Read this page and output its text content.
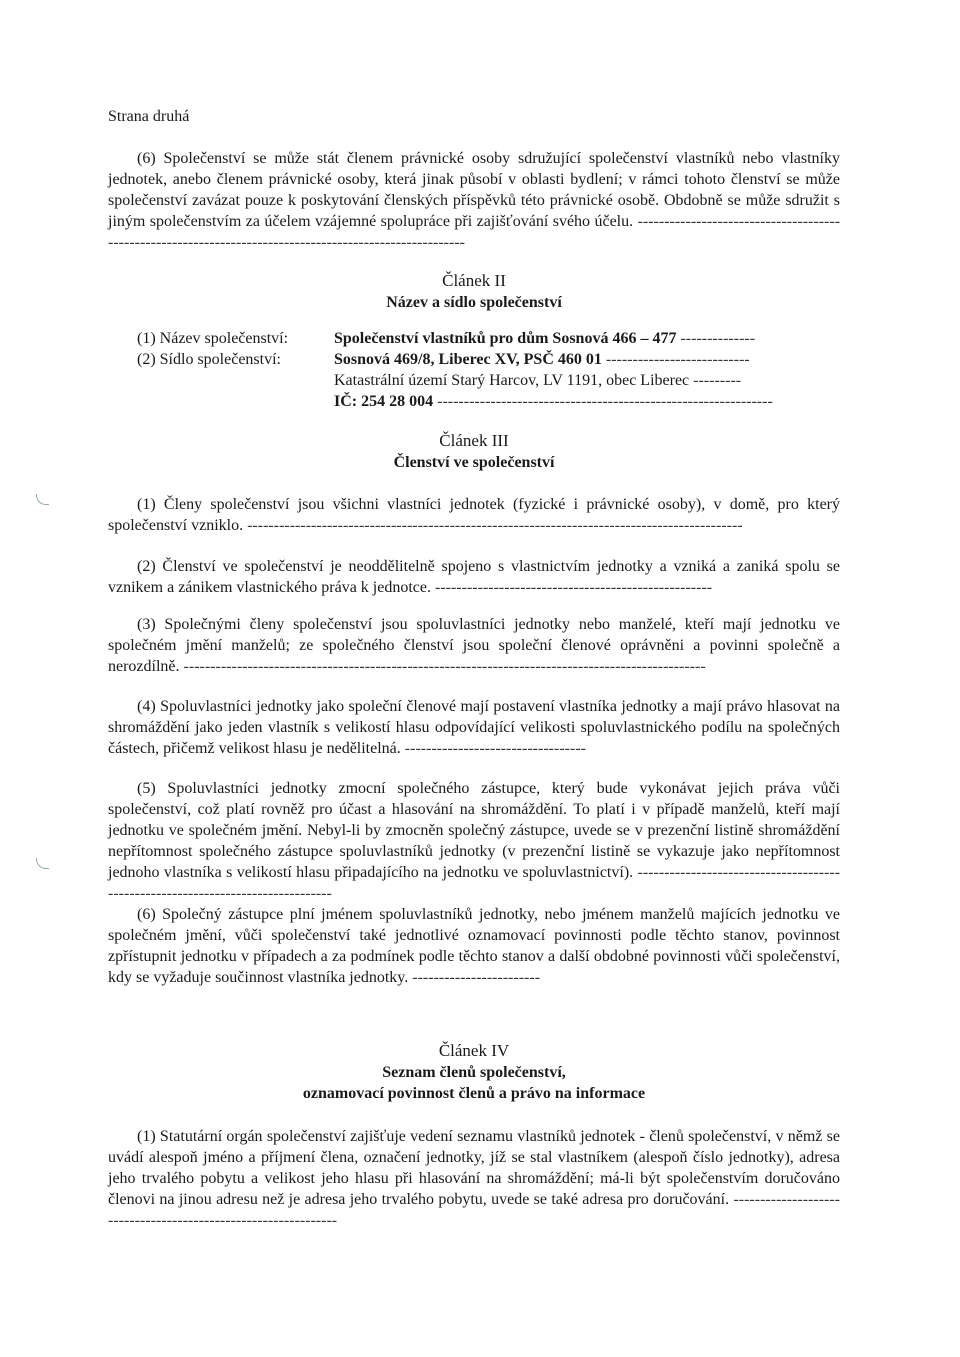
Strana druhá

(6) Společenství se může stát členem právnické osoby sdružující společenství vlastníků nebo vlastníky jednotek, anebo členem právnické osoby, která jinak působí v oblasti bydlení; v rámci tohoto členství se může společenství zavázat pouze k poskytování členských příspěvků této právnické osobě. Obdobně se může sdružit s jiným společenstvím za účelem vzájemné spolupráce při zajišťování svého účelu. ---------------------------------------------------------------------------------------------------------

Článek II
Název a sídlo společenství
(1) Název společenství:	Společenství vlastníků pro dům Sosnová 466 – 477 --------------
(2) Sídlo společenství:	Sosnová 469/8, Liberec XV, PSČ 460 01 ---------------------------
Katastrální území Starý Harcov, LV 1191, obec Liberec ---------
IČ: 254 28 004 ---------------------------------------------------------------
Článek III
Členství ve společenství

(1) Členy společenství jsou všichni vlastníci jednotek (fyzické i právnické osoby), v domě, pro který společenství vzniklo. ---------------------------------------------------------------------------------------------

(2) Členství ve společenství je neoddělitelně spojeno s vlastnictvím jednotky a vzniká a zaniká spolu se vznikem a zánikem vlastnického práva k jednotce. ----------------------------------------------------

(3) Společnými členy společenství jsou spoluvlastníci jednotky nebo manželé, kteří mají jednotku ve společném jmění manželů; ze společného členství jsou společní členové oprávněni a povinni společně a nerozdílně. --------------------------------------------------------------------------------------------------

(4) Spoluvlastníci jednotky jako společní členové mají postavení vlastníka jednotky a mají právo hlasovat na shromáždění jako jeden vlastník s velikostí hlasu odpovídající velikosti spoluvlastnického podílu na společných částech, přičemž velikost hlasu je nedělitelná. ----------------------------------

(5) Spoluvlastníci jednotky zmocní společného zástupce, který bude vykonávat jejich práva vůči společenství, což platí rovněž pro účast a hlasování na shromáždění. To platí i v případě manželů, kteří mají jednotku ve společném jmění. Nebyl-li by zmocněn společný zástupce, uvede se v prezenční listině shromáždění nepřítomnost společného zástupce spoluvlastníků jednotky (v prezenční listině se vykazuje jako nepřítomnost jednoho vlastníka s velikostí hlasu připadajícího na jednotku ve spoluvlastnictví). --------------------------------------------------------------------------------

(6) Společný zástupce plní jménem spoluvlastníků jednotky, nebo jménem manželů majících jednotku ve společném jmění, vůči společenství také jednotlivé oznamovací povinnosti podle těchto stanov, povinnost zpřístupnit jednotku v případech a za podmínek podle těchto stanov a další obdobné povinnosti vůči společenství, kdy se vyžaduje součinnost vlastníka jednotky. ------------------------

Článek IV
Seznam členů společenství,
oznamovací povinnost členů a právo na informace

(1) Statutární orgán společenství zajišťuje vedení seznamu vlastníků jednotek - členů společenství, v němž se uvádí alespoň jméno a příjmení člena, označení jednotky, jíž se stal vlastníkem (alespoň číslo jednotky), adresa jeho trvalého pobytu a velikost jeho hlasu při hlasování na shromáždění; má-li být společenstvím doručováno členovi na jinou adresu než je adresa jeho trvalého pobytu, uvede se také adresa pro doručování. ---------------------------------------------------------------
